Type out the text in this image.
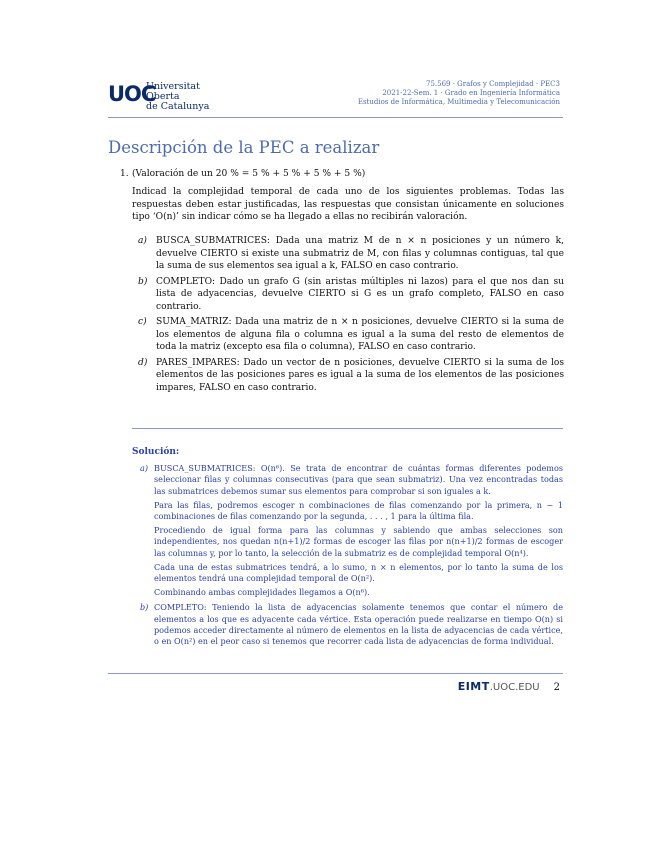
UOC
Universitat Oberta
de Catalunya
75.569 · Grafos y Complejidad · PEC3
2021-22-Sem. 1 · Grado en Ingeniería Informática
Estudios de Informática, Multimedia y Telecomunicación
Descripción de la PEC a realizar
1. (Valoración de un 20 % = 5 % + 5 % + 5 % + 5 %)
Indicad la complejidad temporal de cada uno de los siguientes problemas. Todas las respuestas deben estar justificadas, las respuestas que consistan únicamente en soluciones tipo ‘O(n)’ sin indicar cómo se ha llegado a ellas no recibirán valoración.
a) BUSCA_SUBMATRICES: Dada una matriz M de n × n posiciones y un número k, devuelve CIERTO si existe una submatriz de M, con filas y columnas contiguas, tal que la suma de sus elementos sea igual a k, FALSO en caso contrario.
b) COMPLETO: Dado un grafo G (sin aristas múltiples ni lazos) para el que nos dan su lista de adyacencias, devuelve CIERTO si G es un grafo completo, FALSO en caso contrario.
c) SUMA_MATRIZ: Dada una matriz de n × n posiciones, devuelve CIERTO si la suma de los elementos de alguna fila o columna es igual a la suma del resto de elementos de toda la matriz (excepto esa fila o columna), FALSO en caso contrario.
d) PARES_IMPARES: Dado un vector de n posiciones, devuelve CIERTO si la suma de los elementos de las posiciones pares es igual a la suma de los elementos de las posiciones impares, FALSO en caso contrario.
Solución:
a) BUSCA_SUBMATRICES: O(n⁶). Se trata de encontrar de cuántas formas diferentes podemos seleccionar filas y columnas consecutivas (para que sean submatriz). Una vez encontradas todas las submatrices debemos sumar sus elementos para comprobar si son iguales a k.

Para las filas, podremos escoger n combinaciones de filas comenzando por la primera, n − 1 combinaciones de filas comenzando por la segunda, . . . , 1 para la última fila.

Procediendo de igual forma para las columnas y sabiendo que ambas selecciones son independientes, nos quedan n(n+1)/2 formas de escoger las filas por n(n+1)/2 formas de escoger las columnas y, por lo tanto, la selección de la submatriz es de complejidad temporal O(n⁴).

Cada una de estas submatrices tendrá, a lo sumo, n × n elementos, por lo tanto la suma de los elementos tendrá una complejidad temporal de O(n²).

Combinando ambas complejidades llegamos a O(n⁶).

b) COMPLETO: Teniendo la lista de adyacencias solamente tenemos que contar el número de elementos a los que es adyacente cada vértice. Esta operación puede realizarse en tiempo O(n) si podemos acceder directamente al número de elementos en la lista de adyacencias de cada vértice, o en O(n²) en el peor caso si tenemos que recorrer cada lista de adyacencias de forma individual.

EIMT.UOC.EDU 2
